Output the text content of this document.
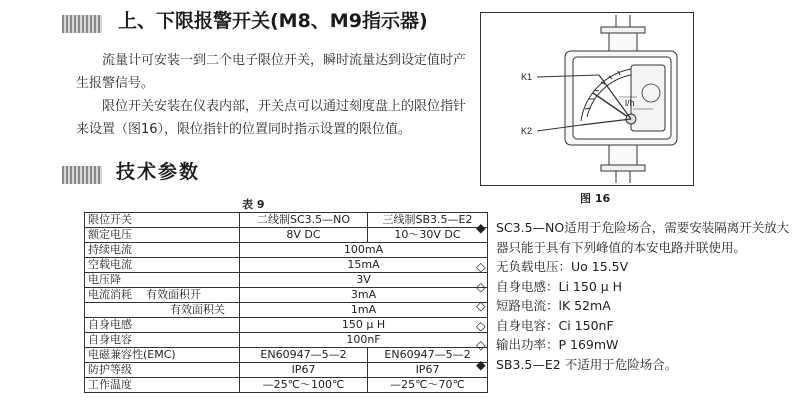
上、下限报警开关(M8、M9指示器)

流量计可安装一到二个电子限位开关，瞬时流量达到设定值时产生报警信号。

限位开关安装在仪表内部，开关点可以通过刻度盘上的限位指针来设置（图16），限位指针的位置同时指示设置的限位值。

技术参数
表 9
限位开关	二线制SC3.5—NO	三线制SB3.5—E2
额定电压	8V DC	10～30V DC
持续电流	100mA	
空载电流	15mA	
电压降	3V	
电流消耗    有效面积开	3mA	
有效面积关	1mA	
自身电感	150 μ H	
自身电容	100nF	
电磁兼容性(EMC)	EN60947—5—2	EN60947—5—2
防护等级	IP67	IP67
工作温度	—25℃～100℃	—25℃～70℃
K1
K2
l/h
图 16
◆ SC3.5—NO适用于危险场合，需要安装隔离开关放大器只能于具有下列峰值的本安电路并联使用。
◇ 无负载电压：Uo 15.5V
◇ 自身电感：Li 150 μ H
◇ 短路电流：lK 52mA
◇ 自身电容：Ci 150nF
◇ 输出功率：P 169mW
◆ SB3.5—E2 不适用于危险场合。
